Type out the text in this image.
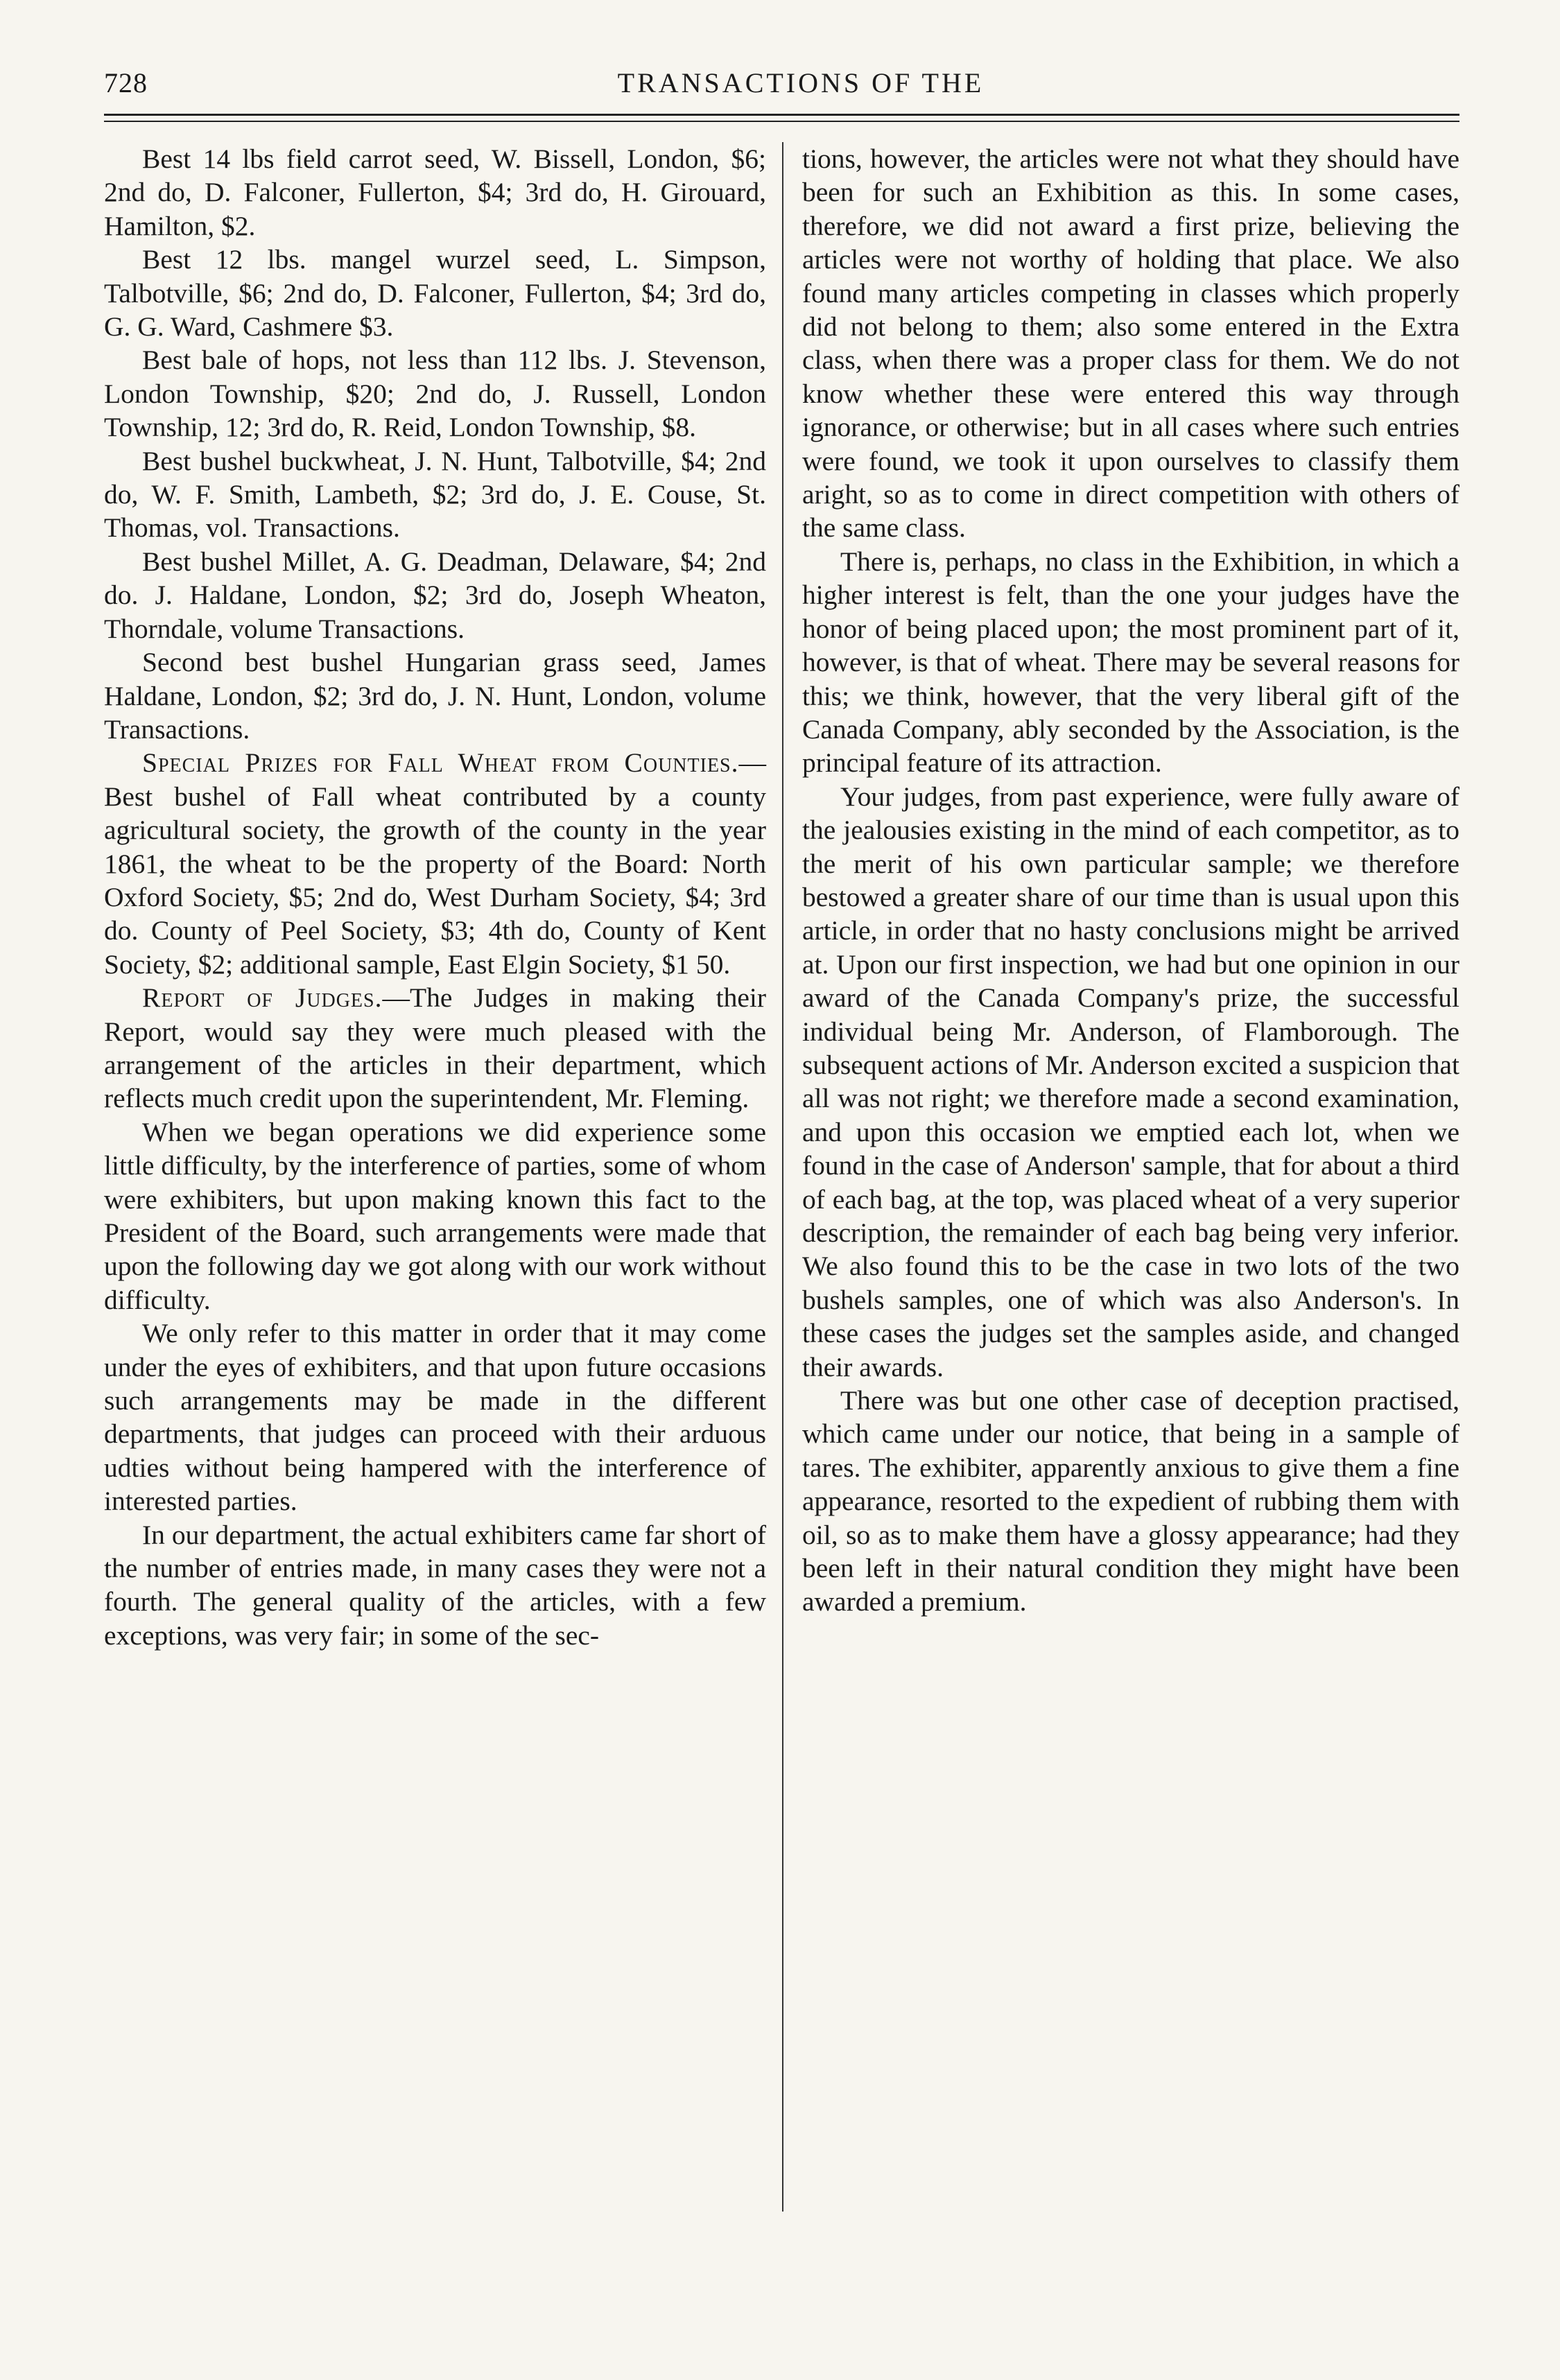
728	TRANSACTIONS OF THE

Best 14 lbs field carrot seed, W. Bissell, London, $6; 2nd do, D. Falconer, Fullerton, $4; 3rd do, H. Girouard, Hamilton, $2.

Best 12 lbs. mangel wurzel seed, L. Simpson, Talbotville, $6; 2nd do, D. Falconer, Fullerton, $4; 3rd do, G. G. Ward, Cashmere $3.

Best bale of hops, not less than 112 lbs. J. Stevenson, London Township, $20; 2nd do, J. Russell, London Township, 12; 3rd do, R. Reid, London Township, $8.

Best bushel buckwheat, J. N. Hunt, Talbotville, $4; 2nd do, W. F. Smith, Lambeth, $2; 3rd do, J. E. Couse, St. Thomas, vol. Transactions.

Best bushel Millet, A. G. Deadman, Delaware, $4; 2nd do. J. Haldane, London, $2; 3rd do, Joseph Wheaton, Thorndale, volume Transactions.

Second best bushel Hungarian grass seed, James Haldane, London, $2; 3rd do, J. N. Hunt, London, volume Transactions.

Special Prizes for Fall Wheat from Counties.—Best bushel of Fall wheat contributed by a county agricultural society, the growth of the county in the year 1861, the wheat to be the property of the Board: North Oxford Society, $5; 2nd do, West Durham Society, $4; 3rd do. County of Peel Society, $3; 4th do, County of Kent Society, $2; additional sample, East Elgin Society, $1 50.

Report of Judges.—The Judges in making their Report, would say they were much pleased with the arrangement of the articles in their department, which reflects much credit upon the superintendent, Mr. Fleming.

When we began operations we did experience some little difficulty, by the interference of parties, some of whom were exhibiters, but upon making known this fact to the President of the Board, such arrangements were made that upon the following day we got along with our work without difficulty.

We only refer to this matter in order that it may come under the eyes of exhibiters, and that upon future occasions such arrangements may be made in the different departments, that judges can proceed with their arduous udties without being hampered with the interference of interested parties.

In our department, the actual exhibiters came far short of the number of entries made, in many cases they were not a fourth. The general quality of the articles, with a few exceptions, was very fair; in some of the sec-

tions, however, the articles were not what they should have been for such an Exhibition as this. In some cases, therefore, we did not award a first prize, believing the articles were not worthy of holding that place. We also found many articles competing in classes which properly did not belong to them; also some entered in the Extra class, when there was a proper class for them. We do not know whether these were entered this way through ignorance, or otherwise; but in all cases where such entries were found, we took it upon ourselves to classify them aright, so as to come in direct competition with others of the same class.

There is, perhaps, no class in the Exhibition, in which a higher interest is felt, than the one your judges have the honor of being placed upon; the most prominent part of it, however, is that of wheat. There may be several reasons for this; we think, however, that the very liberal gift of the Canada Company, ably seconded by the Association, is the principal feature of its attraction.

Your judges, from past experience, were fully aware of the jealousies existing in the mind of each competitor, as to the merit of his own particular sample; we therefore bestowed a greater share of our time than is usual upon this article, in order that no hasty conclusions might be arrived at. Upon our first inspection, we had but one opinion in our award of the Canada Company's prize, the successful individual being Mr. Anderson, of Flamborough. The subsequent actions of Mr. Anderson excited a suspicion that all was not right; we therefore made a second examination, and upon this occasion we emptied each lot, when we found in the case of Anderson' sample, that for about a third of each bag, at the top, was placed wheat of a very superior description, the remainder of each bag being very inferior. We also found this to be the case in two lots of the two bushels samples, one of which was also Anderson's. In these cases the judges set the samples aside, and changed their awards.

There was but one other case of deception practised, which came under our notice, that being in a sample of tares. The exhibiter, apparently anxious to give them a fine appearance, resorted to the expedient of rubbing them with oil, so as to make them have a glossy appearance; had they been left in their natural condition they might have been awarded a premium.
